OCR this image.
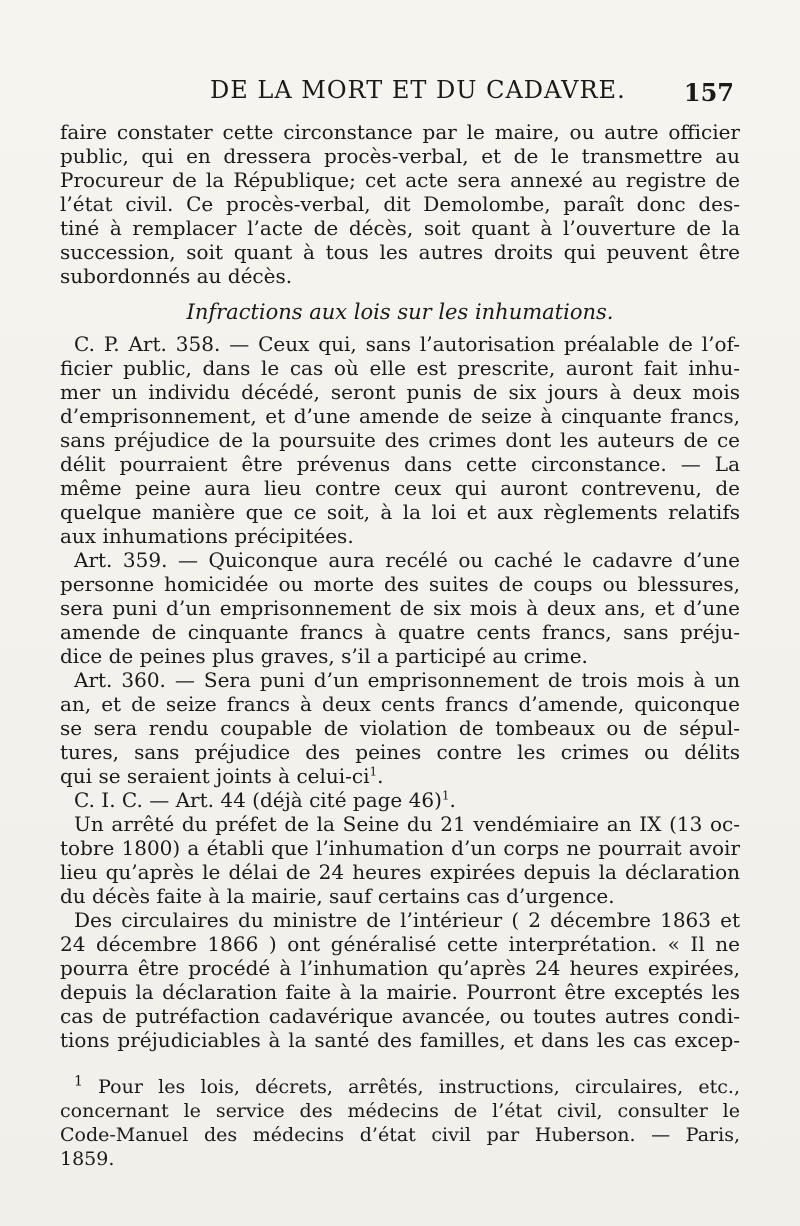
DE LA MORT ET DU CADAVRE. 157

faire constater cette circonstance par le maire, ou autre officier
public, qui en dressera procès-verbal, et de le transmettre au
Procureur de la République; cet acte sera annexé au registre de
l’état civil. Ce procès-verbal, dit Demolombe, paraît donc des-
tiné à remplacer l’acte de décès, soit quant à l’ouverture de la
succession, soit quant à tous les autres droits qui peuvent être
subordonnés au décès.

Infractions aux lois sur les inhumations.

C. P. Art. 358. — Ceux qui, sans l’autorisation préalable de l’of-
ficier public, dans le cas où elle est prescrite, auront fait inhu-
mer un individu décédé, seront punis de six jours à deux mois
d’emprisonnement, et d’une amende de seize à cinquante francs,
sans préjudice de la poursuite des crimes dont les auteurs de ce
délit pourraient être prévenus dans cette circonstance. — La
même peine aura lieu contre ceux qui auront contrevenu, de
quelque manière que ce soit, à la loi et aux règlements relatifs
aux inhumations précipitées.

Art. 359. — Quiconque aura recélé ou caché le cadavre d’une
personne homicidée ou morte des suites de coups ou blessures,
sera puni d’un emprisonnement de six mois à deux ans, et d’une
amende de cinquante francs à quatre cents francs, sans préju-
dice de peines plus graves, s’il a participé au crime.

Art. 360. — Sera puni d’un emprisonnement de trois mois à un
an, et de seize francs à deux cents francs d’amende, quiconque
se sera rendu coupable de violation de tombeaux ou de sépul-
tures, sans préjudice des peines contre les crimes ou délits
qui se seraient joints à celui-$ci^1$.

C. I. C. — Art. 44 (déjà cité page 46)$^1$.

Un arrêté du préfet de la Seine du 21 vendémiaire an IX (13 oc-
tobre 1800) a établi que l’inhumation d’un corps ne pourrait avoir
lieu qu’après le délai de 24 heures expirées depuis la déclaration
du décès faite à la mairie, sauf certains cas d’urgence.

Des circulaires du ministre de l’intérieur ( 2 décembre 1863 et
24 décembre 1866 ) ont généralisé cette interprétation. « Il ne
pourra être procédé à l’inhumation qu’après 24 heures expirées,
depuis la déclaration faite à la mairie. Pourront être exceptés les
cas de putréfaction cadavérique avancée, ou toutes autres condi-
tions préjudiciables à la santé des familles, et dans les cas excep-

$^1$ Pour les lois, décrets, arrêtés, instructions, circulaires, etc.,
concernant le service des médecins de l’état civil, consulter le
Code-Manuel des médecins d’état civil par Huberson. — Paris,
1859.
